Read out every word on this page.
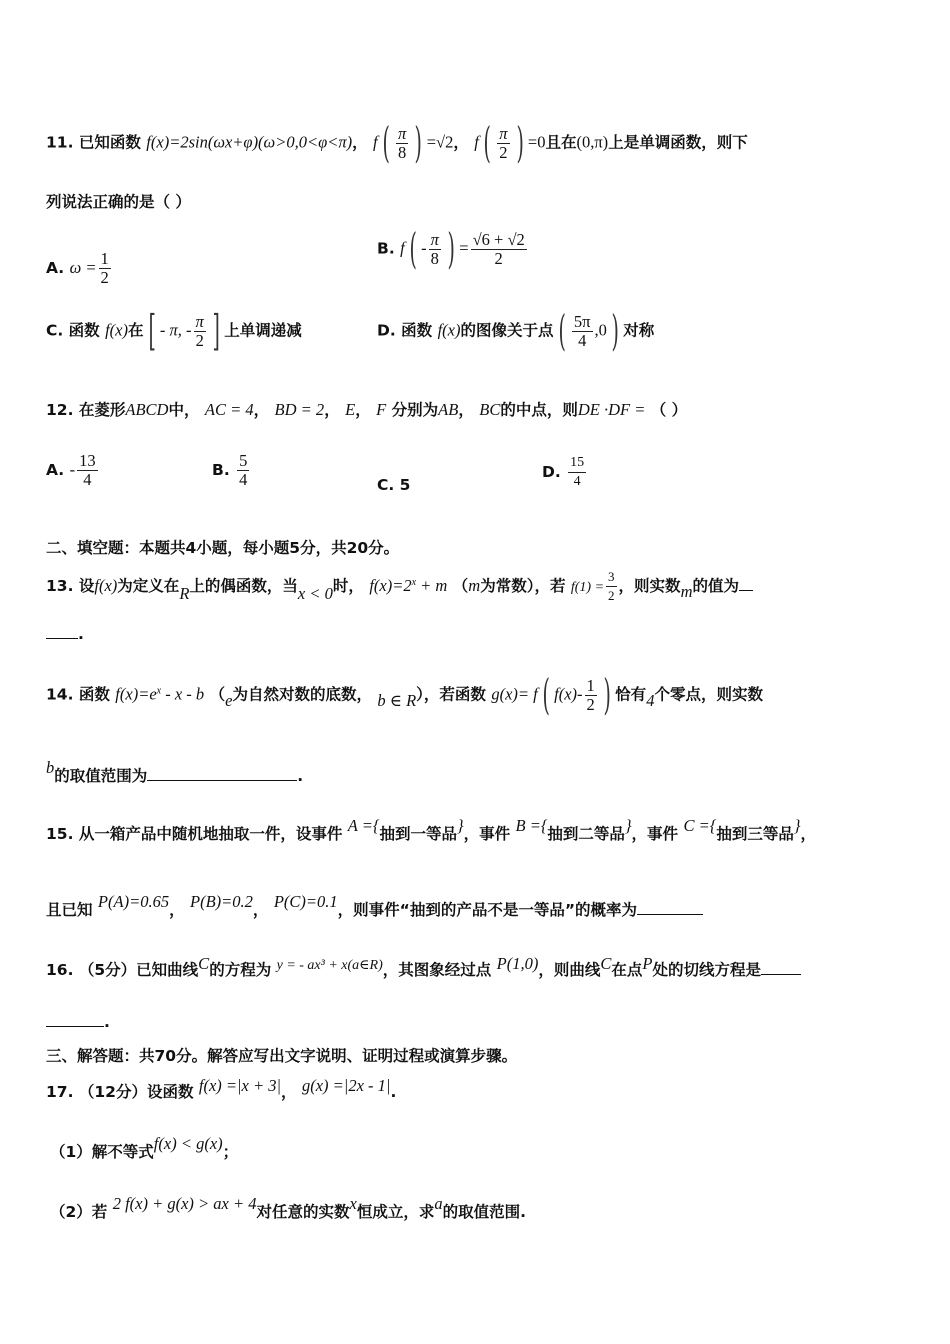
11. 已知函数 f(x)=2sin(ωx+φ)(ω>0,0<φ<π)， f ( $\frac{\pi}{8}$ ) =√2， f ( $\frac{\pi}{2}$ ) =0且在(0,π)上是单调函数，则下
列说法正确的是（ ）
A. $\omega = \frac{1}{2}$
B. f ( - $\frac{\pi}{8}$ ) = $\frac{√6 + √2}{2}$
C. 函数 f(x)在 [ - π, - $\frac{\pi}{2}$ ] 上单调递减	D. 函数 f(x)的图像关于点 ( $\frac{5\pi}{4} ,0$ ) 对称
12. 在菱形ABCD中， AC = 4， BD = 2， E， F 分别为AB， BC的中点，则DE ·DF = （ ）
A. - $\frac{13}{4}$	B. $\frac{5}{4}$	C. 5
D. $\frac{15}{4}$
二、填空题：本题共4小题，每小题5分，共20分。
13. 设f(x)为定义在R上的偶函数，当x < 0时， $f(x)=2^x + m$ （m为常数），若 $f(1) = \frac{3}{2}$ ，则实数m的值为
.
14. 函数 $f(x)=e^x - x - b$ （e为自然对数的底数， b ∈ R），若函数 g(x)= f ( $f(x)- \frac{1}{2}$ ) 恰有4个零点，则实数
b的取值范围为	.
15. 从一箱产品中随机地抽取一件，设事件 A ={抽到一等品}，事件 B ={抽到二等品}，事件 C ={抽到三等品}，
且已知 P(A)=0.65， P(B)=0.2， P(C)=0.1，则事件“抽到的产品不是一等品”的概率为
16. （5分）已知曲线C的方程为 y = - ax³ + x(a∈R)，其图象经过点 P(1,0)，则曲线C在点P处的切线方程是
.
三、解答题：共70分。解答应写出文字说明、证明过程或演算步骤。
17. （12分）设函数 f(x) =|x + 3|， g(x) =|2x - 1|.
（1）解不等式f(x) < g(x)；
（2）若 2 f(x) + g(x) > ax + 4对任意的实数x恒成立，求a的取值范围.
